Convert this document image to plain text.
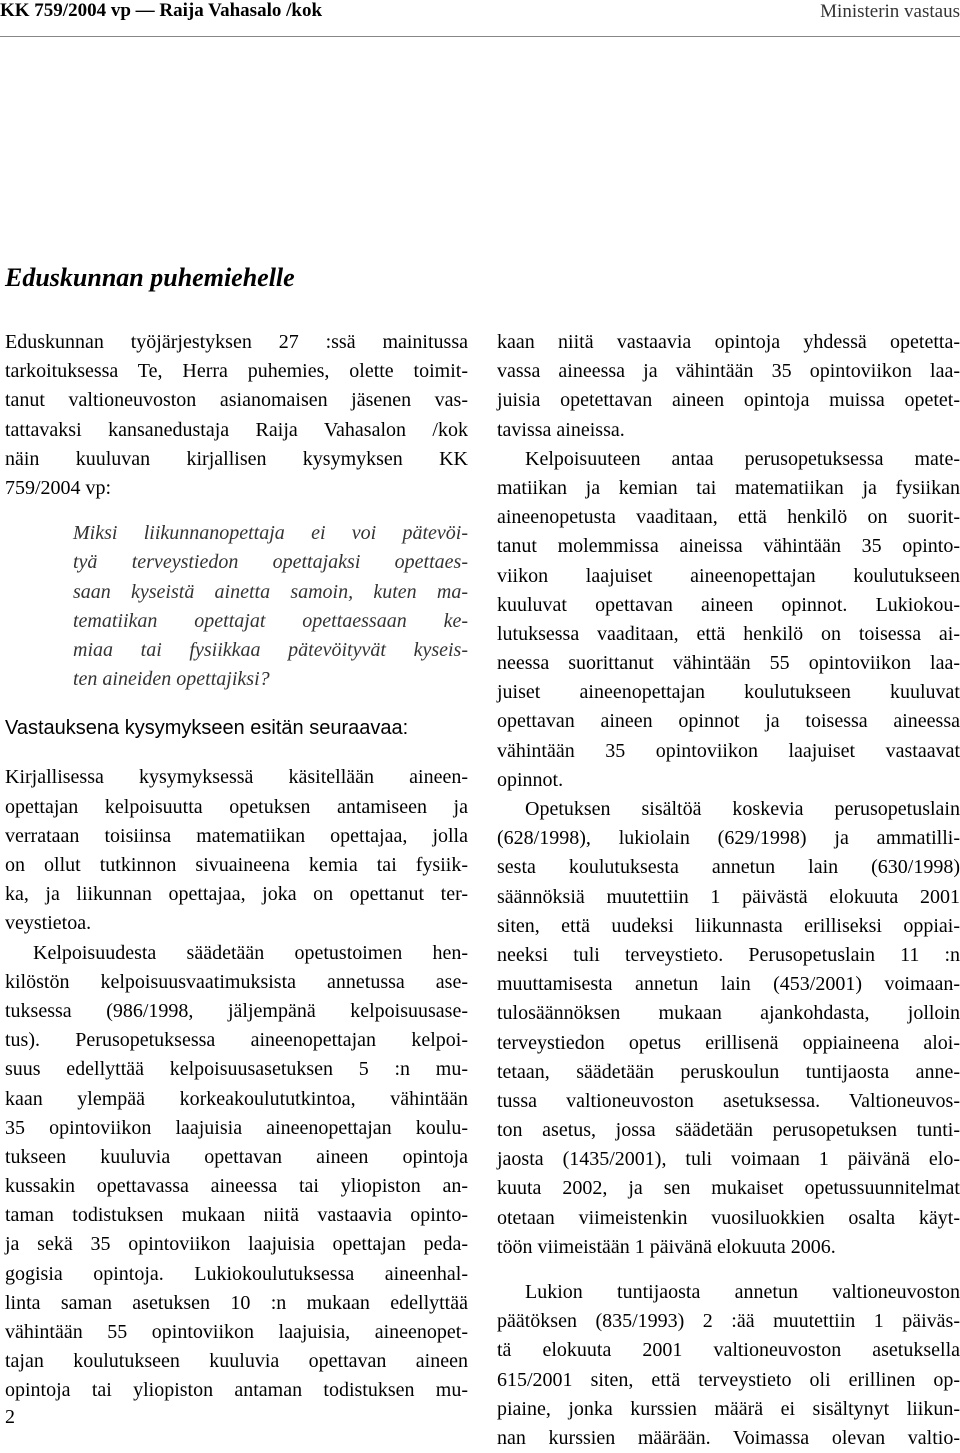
KK 759/2004 vp — Raija Vahasalo /kok	Ministerin vastaus
Eduskunnan puhemiehelle
Eduskunnan työjärjestyksen 27 :ssä mainitussa
tarkoituksessa Te, Herra puhemies, olette toimit-
tanut valtioneuvoston asianomaisen jäsenen vas-
tattavaksi kansanedustaja Raija Vahasalon /kok
näin kuuluvan kirjallisen kysymyksen KK
759/2004 vp:
Miksi liikunnanopettaja ei voi pätevöi-
tyä terveystiedon opettajaksi opettaes-
saan kyseistä ainetta samoin, kuten ma-
tematiikan opettajat opettaessaan ke-
miaa tai fysiikkaa pätevöityvät kyseis-
ten aineiden opettajiksi?
Vastauksena kysymykseen esitän seuraavaa:
Kirjallisessa kysymyksessä käsitellään aineen-
opettajan kelpoisuutta opetuksen antamiseen ja
verrataan toisiinsa matematiikan opettajaa, jolla
on ollut tutkinnon sivuaineena kemia tai fysiik-
ka, ja liikunnan opettajaa, joka on opettanut ter-
veystietoa.
Kelpoisuudesta säädetään opetustoimen hen-
kilöstön kelpoisuusvaatimuksista annetussa ase-
tuksessa (986/1998, jäljempänä kelpoisuusase-
tus). Perusopetuksessa aineenopettajan kelpoi-
suus edellyttää kelpoisuusasetuksen 5 :n mu-
kaan ylempää korkeakoulututkintoa, vähintään
35 opintoviikon laajuisia aineenopettajan koulu-
tukseen kuuluvia opettavan aineen opintoja
kussakin opettavassa aineessa tai yliopiston an-
taman todistuksen mukaan niitä vastaavia opinto-
ja sekä 35 opintoviikon laajuisia opettajan peda-
gogisia opintoja. Lukiokoulutuksessa aineenhal-
linta saman asetuksen 10 :n mukaan edellyttää
vähintään 55 opintoviikon laajuisia, aineenopet-
tajan koulutukseen kuuluvia opettavan aineen
opintoja tai yliopiston antaman todistuksen mu-
kaan niitä vastaavia opintoja yhdessä opetetta-
vassa aineessa ja vähintään 35 opintoviikon laa-
juisia opetettavan aineen opintoja muissa opetet-
tavissa aineissa.
Kelpoisuuteen antaa perusopetuksessa mate-
matiikan ja kemian tai matematiikan ja fysiikan
aineenopetusta vaaditaan, että henkilö on suorit-
tanut molemmissa aineissa vähintään 35 opinto-
viikon laajuiset aineenopettajan koulutukseen
kuuluvat opettavan aineen opinnot. Lukiokou-
lutuksessa vaaditaan, että henkilö on toisessa ai-
neessa suorittanut vähintään 55 opintoviikon laa-
juiset aineenopettajan koulutukseen kuuluvat
opettavan aineen opinnot ja toisessa aineessa
vähintään 35 opintoviikon laajuiset vastaavat
opinnot.
Opetuksen sisältöä koskevia perusopetuslain
(628/1998), lukiolain (629/1998) ja ammatilli-
sesta koulutuksesta annetun lain (630/1998)
säännöksiä muutettiin 1 päivästä elokuuta 2001
siten, että uudeksi liikunnasta erilliseksi oppiai-
neeksi tuli terveystieto. Perusopetuslain 11 :n
muuttamisesta annetun lain (453/2001) voimaan-
tulosäännöksen mukaan ajankohdasta, jolloin
terveystiedon opetus erillisenä oppiaineena aloi-
tetaan, säädetään peruskoulun tuntijaosta anne-
tussa valtioneuvoston asetuksessa. Valtioneuvos-
ton asetus, jossa säädetään perusopetuksen tunti-
jaosta (1435/2001), tuli voimaan 1 päivänä elo-
kuuta 2002, ja sen mukaiset opetussuunnitelmat
otetaan viimeistenkin vuosiluokkien osalta käyt-
töön viimeistään 1 päivänä elokuuta 2006.
Lukion tuntijaosta annetun valtioneuvoston
päätöksen (835/1993) 2 :ää muutettiin 1 päiväs-
tä elokuuta 2001 valtioneuvoston asetuksella
615/2001 siten, että terveystieto oli erillinen op-
piaine, jonka kurssien määrä ei sisältynyt liikun-
nan kurssien määrään. Voimassa olevan valtio-
2
